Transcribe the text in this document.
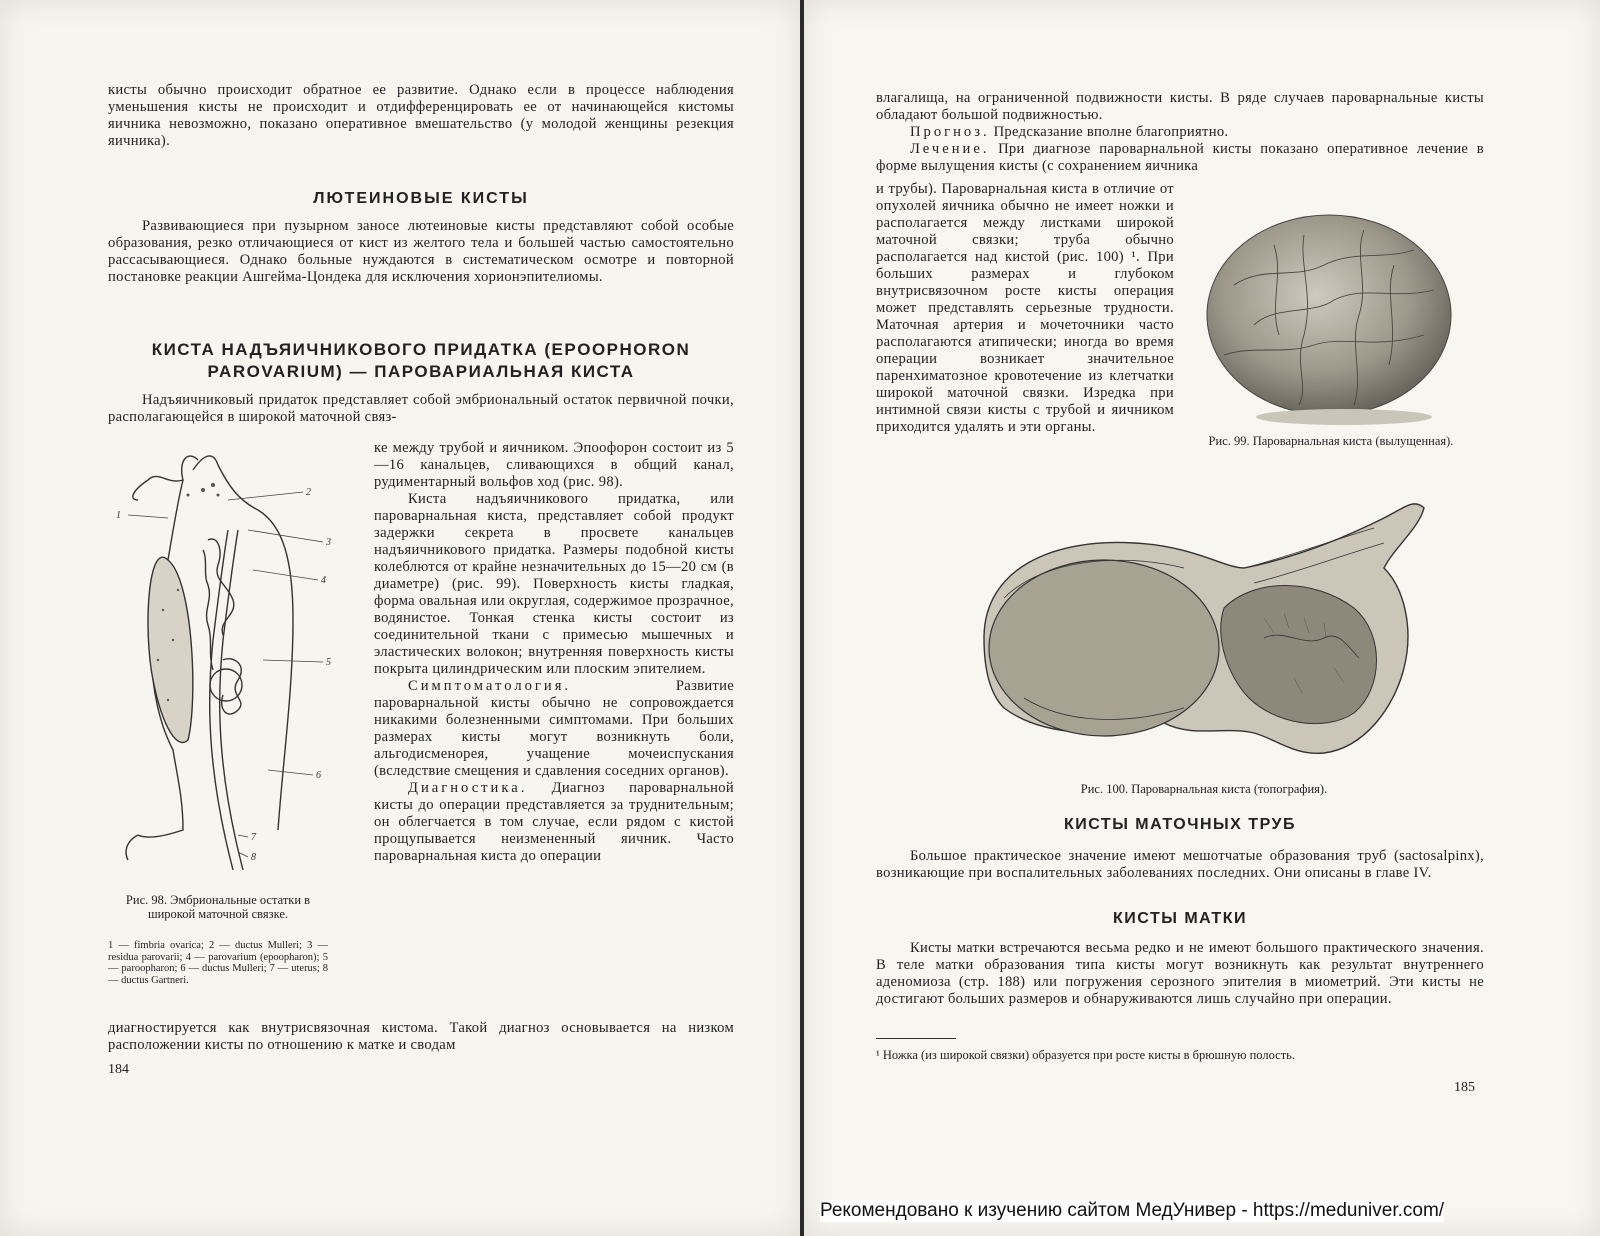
кисты обычно происходит обратное ее развитие. Однако если в процессе наблюдения уменьшения кисты не происходит и отдифференцировать ее от начинающейся кистомы яичника невозможно, показано оперативное вмешательство (у молодой женщины резекция яичника).

ЛЮТЕИНОВЫЕ КИСТЫ

Развивающиеся при пузырном заносе лютеиновые кисты представляют собой особые образования, резко отличающиеся от кист из желтого тела и большей частью самостоятельно рассасывающиеся. Однако больные нуждаются в систематическом осмотре и повторной постановке реакции Ашгейма-Цондека для исключения хорионэпителиомы.

КИСТА НАДЪЯИЧНИКОВОГО ПРИДАТКА (EPOOPHORON
PAROVARIUM) — ПАРОВАРИАЛЬНАЯ КИСТА

Надъяичниковый придаток представляет собой эмбриональный остаток первичной почки, располагающейся в широкой маточной связ-

1
2
3
4
5
6
7
8
Рис. 98. Эмбриональные остатки в широкой маточной связке.
1 — fimbria ovarica; 2 — ductus Mulleri; 3 — residua parovarii; 4 — parovarium (epoopharon); 5 — paroopharon; 6 — ductus Mulleri; 7 — uterus; 8 — ductus Gartneri.

ке между трубой и яичником. Эпоофорон состоит из 5—16 канальцев, сливающихся в общий канал, рудиментарный вольфов ход (рис. 98).

Киста надъяичникового придатка, или пароварнальная киста, представляет собой продукт задержки секрета в просвете канальцев надъяичникового придатка. Размеры подобной кисты колеблются от крайне незначительных до 15—20 см (в диаметре) (рис. 99). Поверхность кисты гладкая, форма овальная или округлая, содержимое прозрачное, водянистое. Тонкая стенка кисты состоит из соединительной ткани с примесью мышечных и эластических волокон; внутренняя поверхность кисты покрыта цилиндрическим или плоским эпителием.

Симптоматология.	Развитие пароварнальной кисты обычно не сопровождается никакими болезненными симптомами. При больших размерах кисты могут возникнуть боли, альгодисменорея, учащение мочеиспускания (вследствие смещения и сдавления соседних органов).

Диагностика. Диагноз пароварнальной кисты до операции представляется за труднительным; он облегчается в том случае, если рядом с кистой прощупывается неизмененный яичник. Часто пароварнальная киста до операции

диагностируется как внутрисвязочная кистома. Такой диагноз основывается на низком расположении кисты по отношению к матке и сводам

184

влагалища, на ограниченной подвижности кисты. В ряде случаев пароварнальные кисты обладают большой подвижностью.

Прогноз. Предсказание вполне благоприятно.

Лечение. При диагнозе пароварнальной кисты показано оперативное лечение в форме вылущения кисты (с сохранением яичника

и трубы). Пароварнальная киста в отличие от опухолей яичника обычно не имеет ножки и располагается между листками широкой маточной связки; труба обычно располагается над кистой (рис. 100) ¹. При больших размерах и глубоком внутрисвязочном росте кисты операция может представлять серьезные трудности. Маточная артерия и мочеточники часто располагаются атипически; иногда во время операции возникает значительное паренхиматозное кровотечение из клетчатки широкой маточной связки. Изредка при интимной связи кисты с трубой и яичником приходится удалять и эти органы.

Рис. 99. Пароварнальная киста (вылущенная).
Рис. 100. Пароварнальная киста (топография).
КИСТЫ МАТОЧНЫХ ТРУБ

Большое практическое значение имеют мешотчатые образования труб (sactosalpinx), возникающие при воспалительных заболеваниях последних. Они описаны в главе IV.

КИСТЫ МАТКИ

Кисты матки встречаются весьма редко и не имеют большого практического значения. В теле матки образования типа кисты могут возникнуть как результат внутреннего аденомиоза (стр. 188) или погружения серозного эпителия в миометрий. Эти кисты не достигают больших размеров и обнаруживаются лишь случайно при операции.

¹ Ножка (из широкой связки) образуется при росте кисты в брюшную полость.
185
Рекомендовано к изучению сайтом МедУнивер - https://meduniver.com/
